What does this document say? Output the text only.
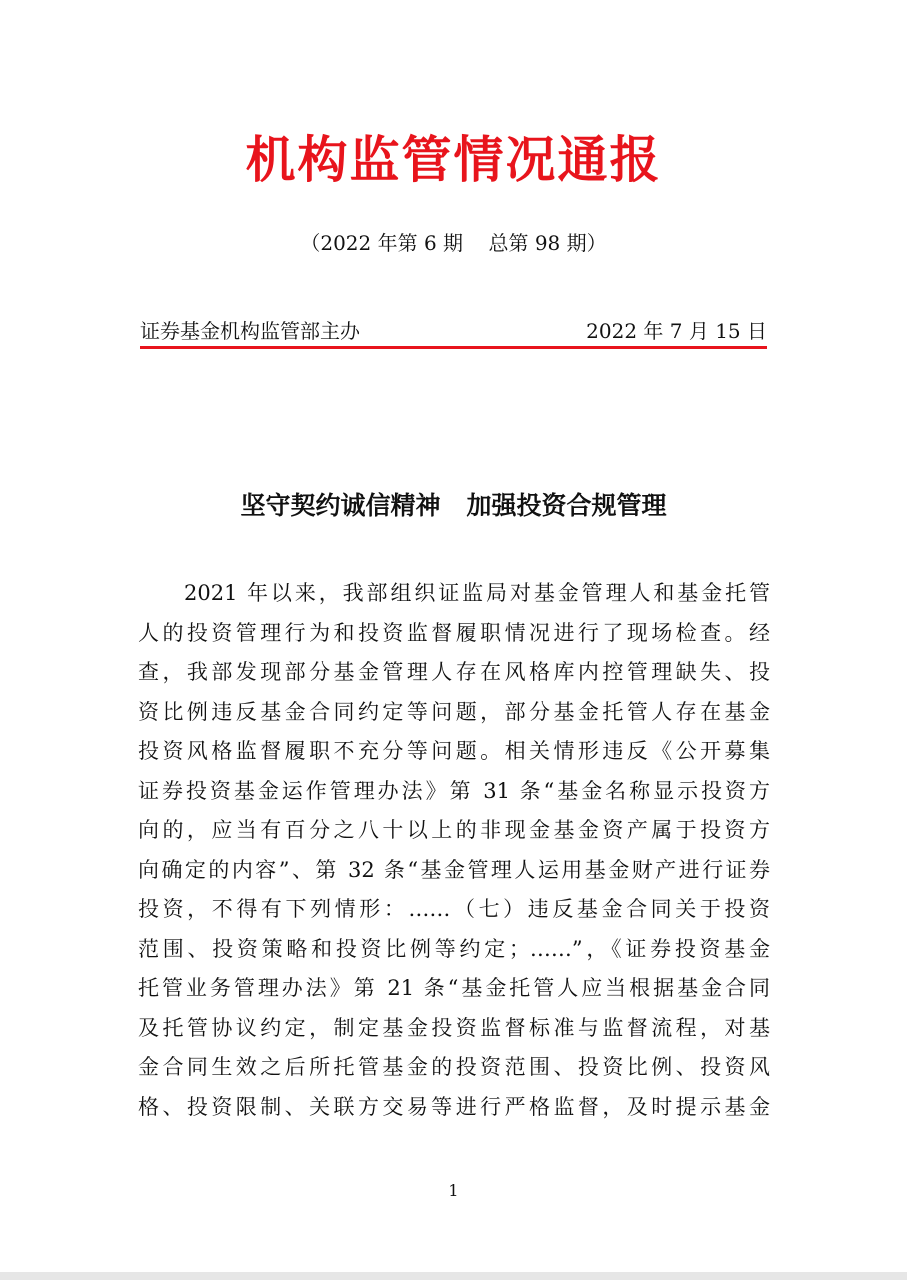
机构监管情况通报
（2022 年第 6 期    总第 98 期）
证券基金机构监管部主办	2022 年 7 月 15 日
坚守契约诚信精神   加强投资合规管理

2021 年以来，我部组织证监局对基金管理人和基金托管
人的投资管理行为和投资监督履职情况进行了现场检查。经
查，我部发现部分基金管理人存在风格库内控管理缺失、投
资比例违反基金合同约定等问题，部分基金托管人存在基金
投资风格监督履职不充分等问题。相关情形违反《公开募集
证券投资基金运作管理办法》第 31 条“基金名称显示投资方
向的，应当有百分之八十以上的非现金基金资产属于投资方
向确定的内容”、第 32 条“基金管理人运用基金财产进行证券
投资，不得有下列情形：……（七）违反基金合同关于投资
范围、投资策略和投资比例等约定；……”，《证券投资基金
托管业务管理办法》第 21 条“基金托管人应当根据基金合同
及托管协议约定，制定基金投资监督标准与监督流程，对基
金合同生效之后所托管基金的投资范围、投资比例、投资风
格、投资限制、关联方交易等进行严格监督，及时提示基金

1
